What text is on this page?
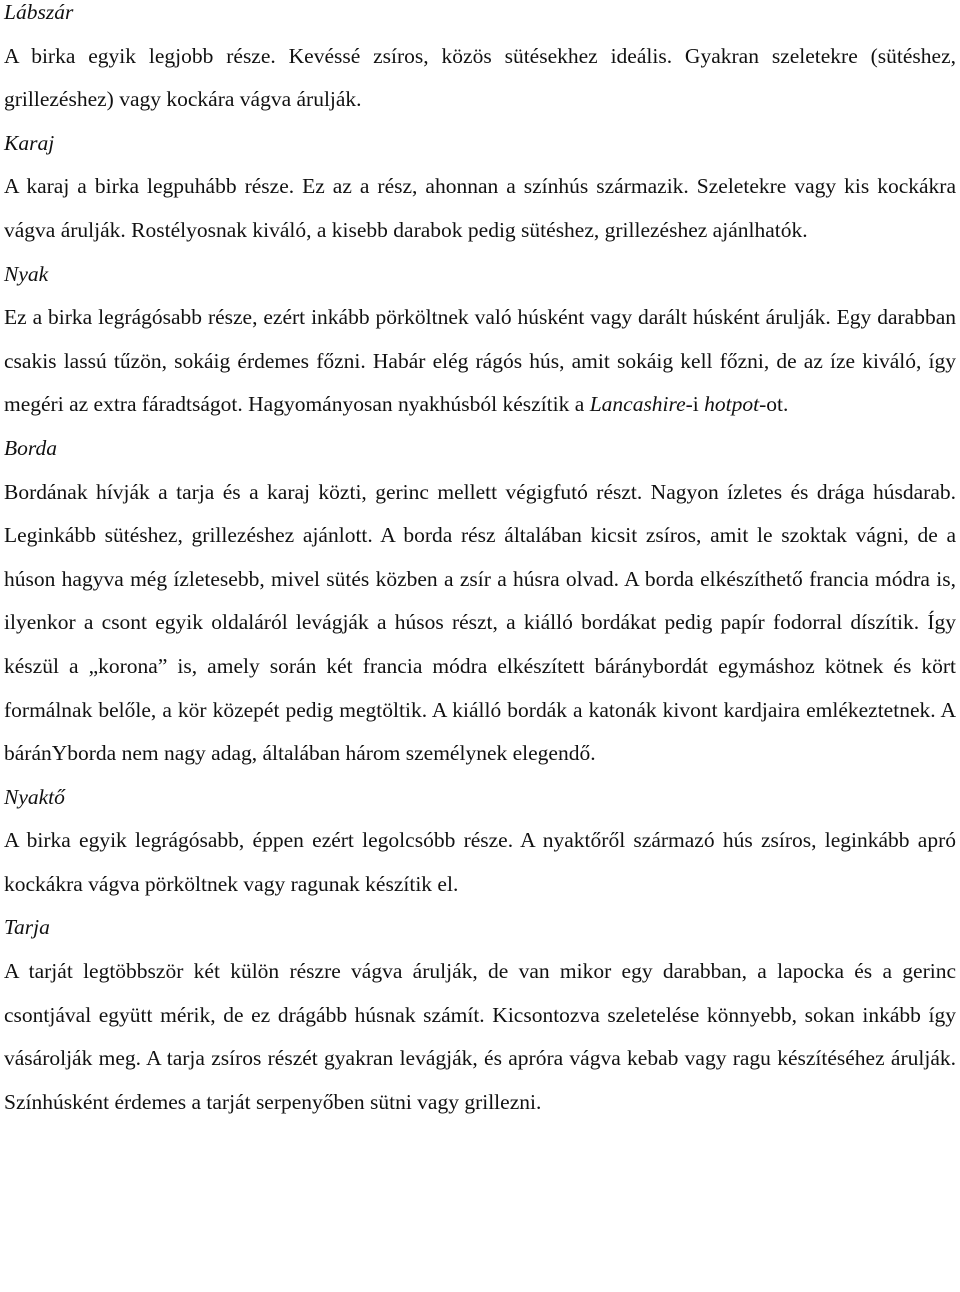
Lábszár

A birka egyik legjobb része. Kevéssé zsíros, közös sütésekhez ideális. Gyakran szeletekre (sütéshez, grillezéshez) vagy kockára vágva árulják.

Karaj

A karaj a birka legpuhább része. Ez az a rész, ahonnan a színhús származik. Szeletekre vagy kis kockákra vágva árulják. Rostélyosnak kiváló, a kisebb darabok pedig sütéshez, grillezéshez ajánlhatók.

Nyak

Ez a birka legrágósabb része, ezért inkább pörköltnek való húsként vagy darált húsként árulják. Egy darabban csakis lassú tűzön, sokáig érdemes főzni. Habár elég rágós hús, amit sokáig kell főzni, de az íze kiváló, így megéri az extra fáradtságot. Hagyományosan nyakhúsból készítik a Lancashire-i hotpot-ot.

Borda

Bordának hívják a tarja és a karaj közti, gerinc mellett végigfutó részt. Nagyon ízletes és drága húsdarab. Leginkább sütéshez, grillezéshez ajánlott. A borda rész általában kicsit zsíros, amit le szoktak vágni, de a húson hagyva még ízletesebb, mivel sütés közben a zsír a húsra olvad. A borda elkészíthető francia módra is, ilyenkor a csont egyik oldaláról levágják a húsos részt, a kiálló bordákat pedig papír fodorral díszítik. Így készül a „korona” is, amely során két francia módra elkészített báránybordát egymáshoz kötnek és kört formálnak belőle, a kör közepét pedig megtöltik. A kiálló bordák a katonák kivont kardjaira emlékeztetnek. A báránYborda nem nagy adag, általában három személynek elegendő.

Nyaktő

A birka egyik legrágósabb, éppen ezért legolcsóbb része. A nyaktőről származó hús zsíros, leginkább apró kockákra vágva pörköltnek vagy ragunak készítik el.

Tarja

A tarját legtöbbször két külön részre vágva árulják, de van mikor egy darabban, a lapocka és a gerinc csontjával együtt mérik, de ez drágább húsnak számít. Kicsontozva szeletelése könnyebb, sokan inkább így vásárolják meg. A tarja zsíros részét gyakran levágják, és apróra vágva kebab vagy ragu készítéséhez árulják. Színhúsként érdemes a tarját serpenyőben sütni vagy grillezni.
